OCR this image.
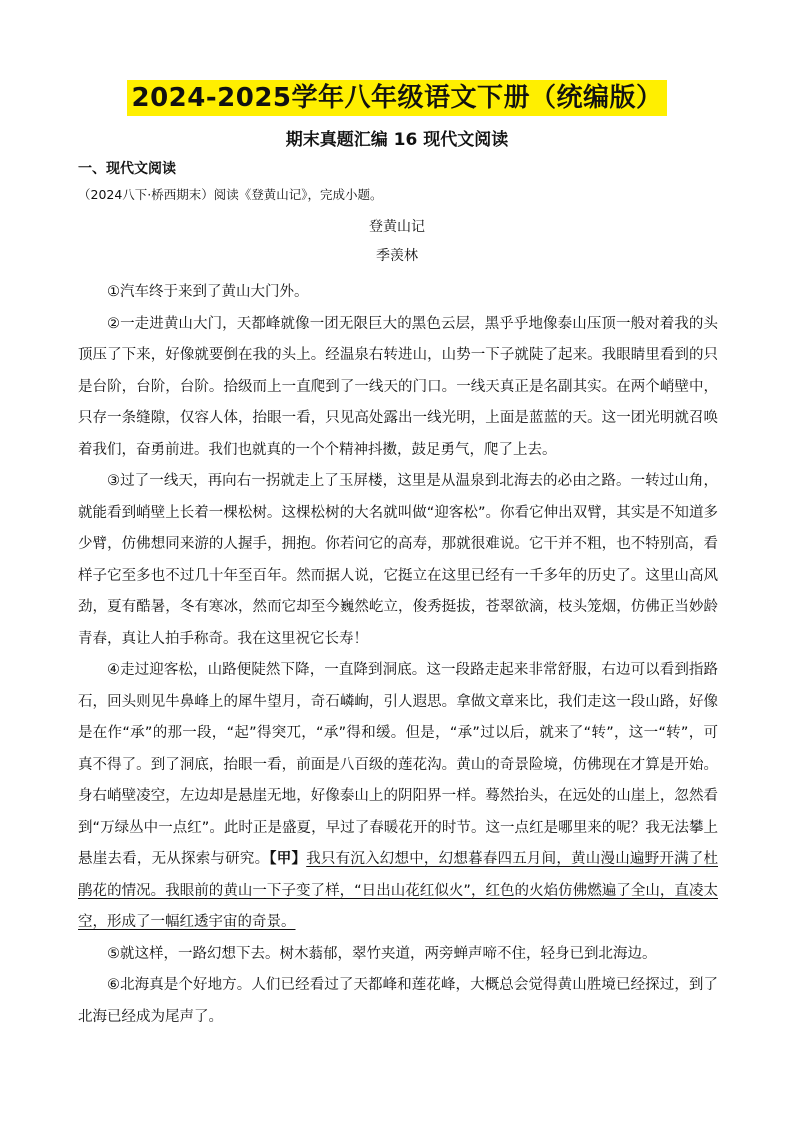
2024-2025学年八年级语文下册（统编版）
期末真题汇编 16 现代文阅读
一、现代文阅读
（2024八下·桥西期末）阅读《登黄山记》，完成小题。
登黄山记
季羡林

①汽车终于来到了黄山大门外。

②一走进黄山大门，天都峰就像一团无限巨大的黑色云层，黑乎乎地像泰山压顶一般对着我的头顶压了下来，好像就要倒在我的头上。经温泉右转进山，山势一下子就陡了起来。我眼睛里看到的只是台阶，台阶，台阶。拾级而上一直爬到了一线天的门口。一线天真正是名副其实。在两个峭壁中，只存一条缝隙，仅容人体，抬眼一看，只见高处露出一线光明，上面是蓝蓝的天。这一团光明就召唤着我们，奋勇前进。我们也就真的一个个精神抖擞，鼓足勇气，爬了上去。

③过了一线天，再向右一拐就走上了玉屏楼，这里是从温泉到北海去的必由之路。一转过山角，就能看到峭壁上长着一棵松树。这棵松树的大名就叫做“迎客松”。你看它伸出双臂，其实是不知道多少臂，仿佛想同来游的人握手，拥抱。你若问它的高寿，那就很难说。它干并不粗，也不特别高，看样子它至多也不过几十年至百年。然而据人说，它挺立在这里已经有一千多年的历史了。这里山高风劲，夏有酷暑，冬有寒冰，然而它却至今巍然屹立，俊秀挺拔，苍翠欲滴，枝头笼烟，仿佛正当妙龄青春，真让人拍手称奇。我在这里祝它长寿！

④走过迎客松，山路便陡然下降，一直降到洞底。这一段路走起来非常舒服，右边可以看到指路石，回头则见牛鼻峰上的犀牛望月，奇石嶙峋，引人遐思。拿做文章来比，我们走这一段山路，好像是在作“承”的那一段，“起”得突兀，“承”得和缓。但是，“承”过以后，就来了“转”，这一“转”，可真不得了。到了洞底，抬眼一看，前面是八百级的莲花沟。黄山的奇景险境，仿佛现在才算是开始。身右峭壁凌空，左边却是悬崖无地，好像泰山上的阴阳界一样。蓦然抬头，在远处的山崖上，忽然看到“万绿丛中一点红”。此时正是盛夏，早过了春暖花开的时节。这一点红是哪里来的呢？我无法攀上悬崖去看，无从探索与研究。【甲】我只有沉入幻想中，幻想暮春四五月间，黄山漫山遍野开满了杜鹃花的情况。我眼前的黄山一下子变了样，“日出山花红似火”，红色的火焰仿佛燃遍了全山，直凌太空，形成了一幅红透宇宙的奇景。

⑤就这样，一路幻想下去。树木蓊郁，翠竹夹道，两旁蝉声啼不住，轻身已到北海边。

⑥北海真是个好地方。人们已经看过了天都峰和莲花峰，大概总会觉得黄山胜境已经探过，到了北海已经成为尾声了。
